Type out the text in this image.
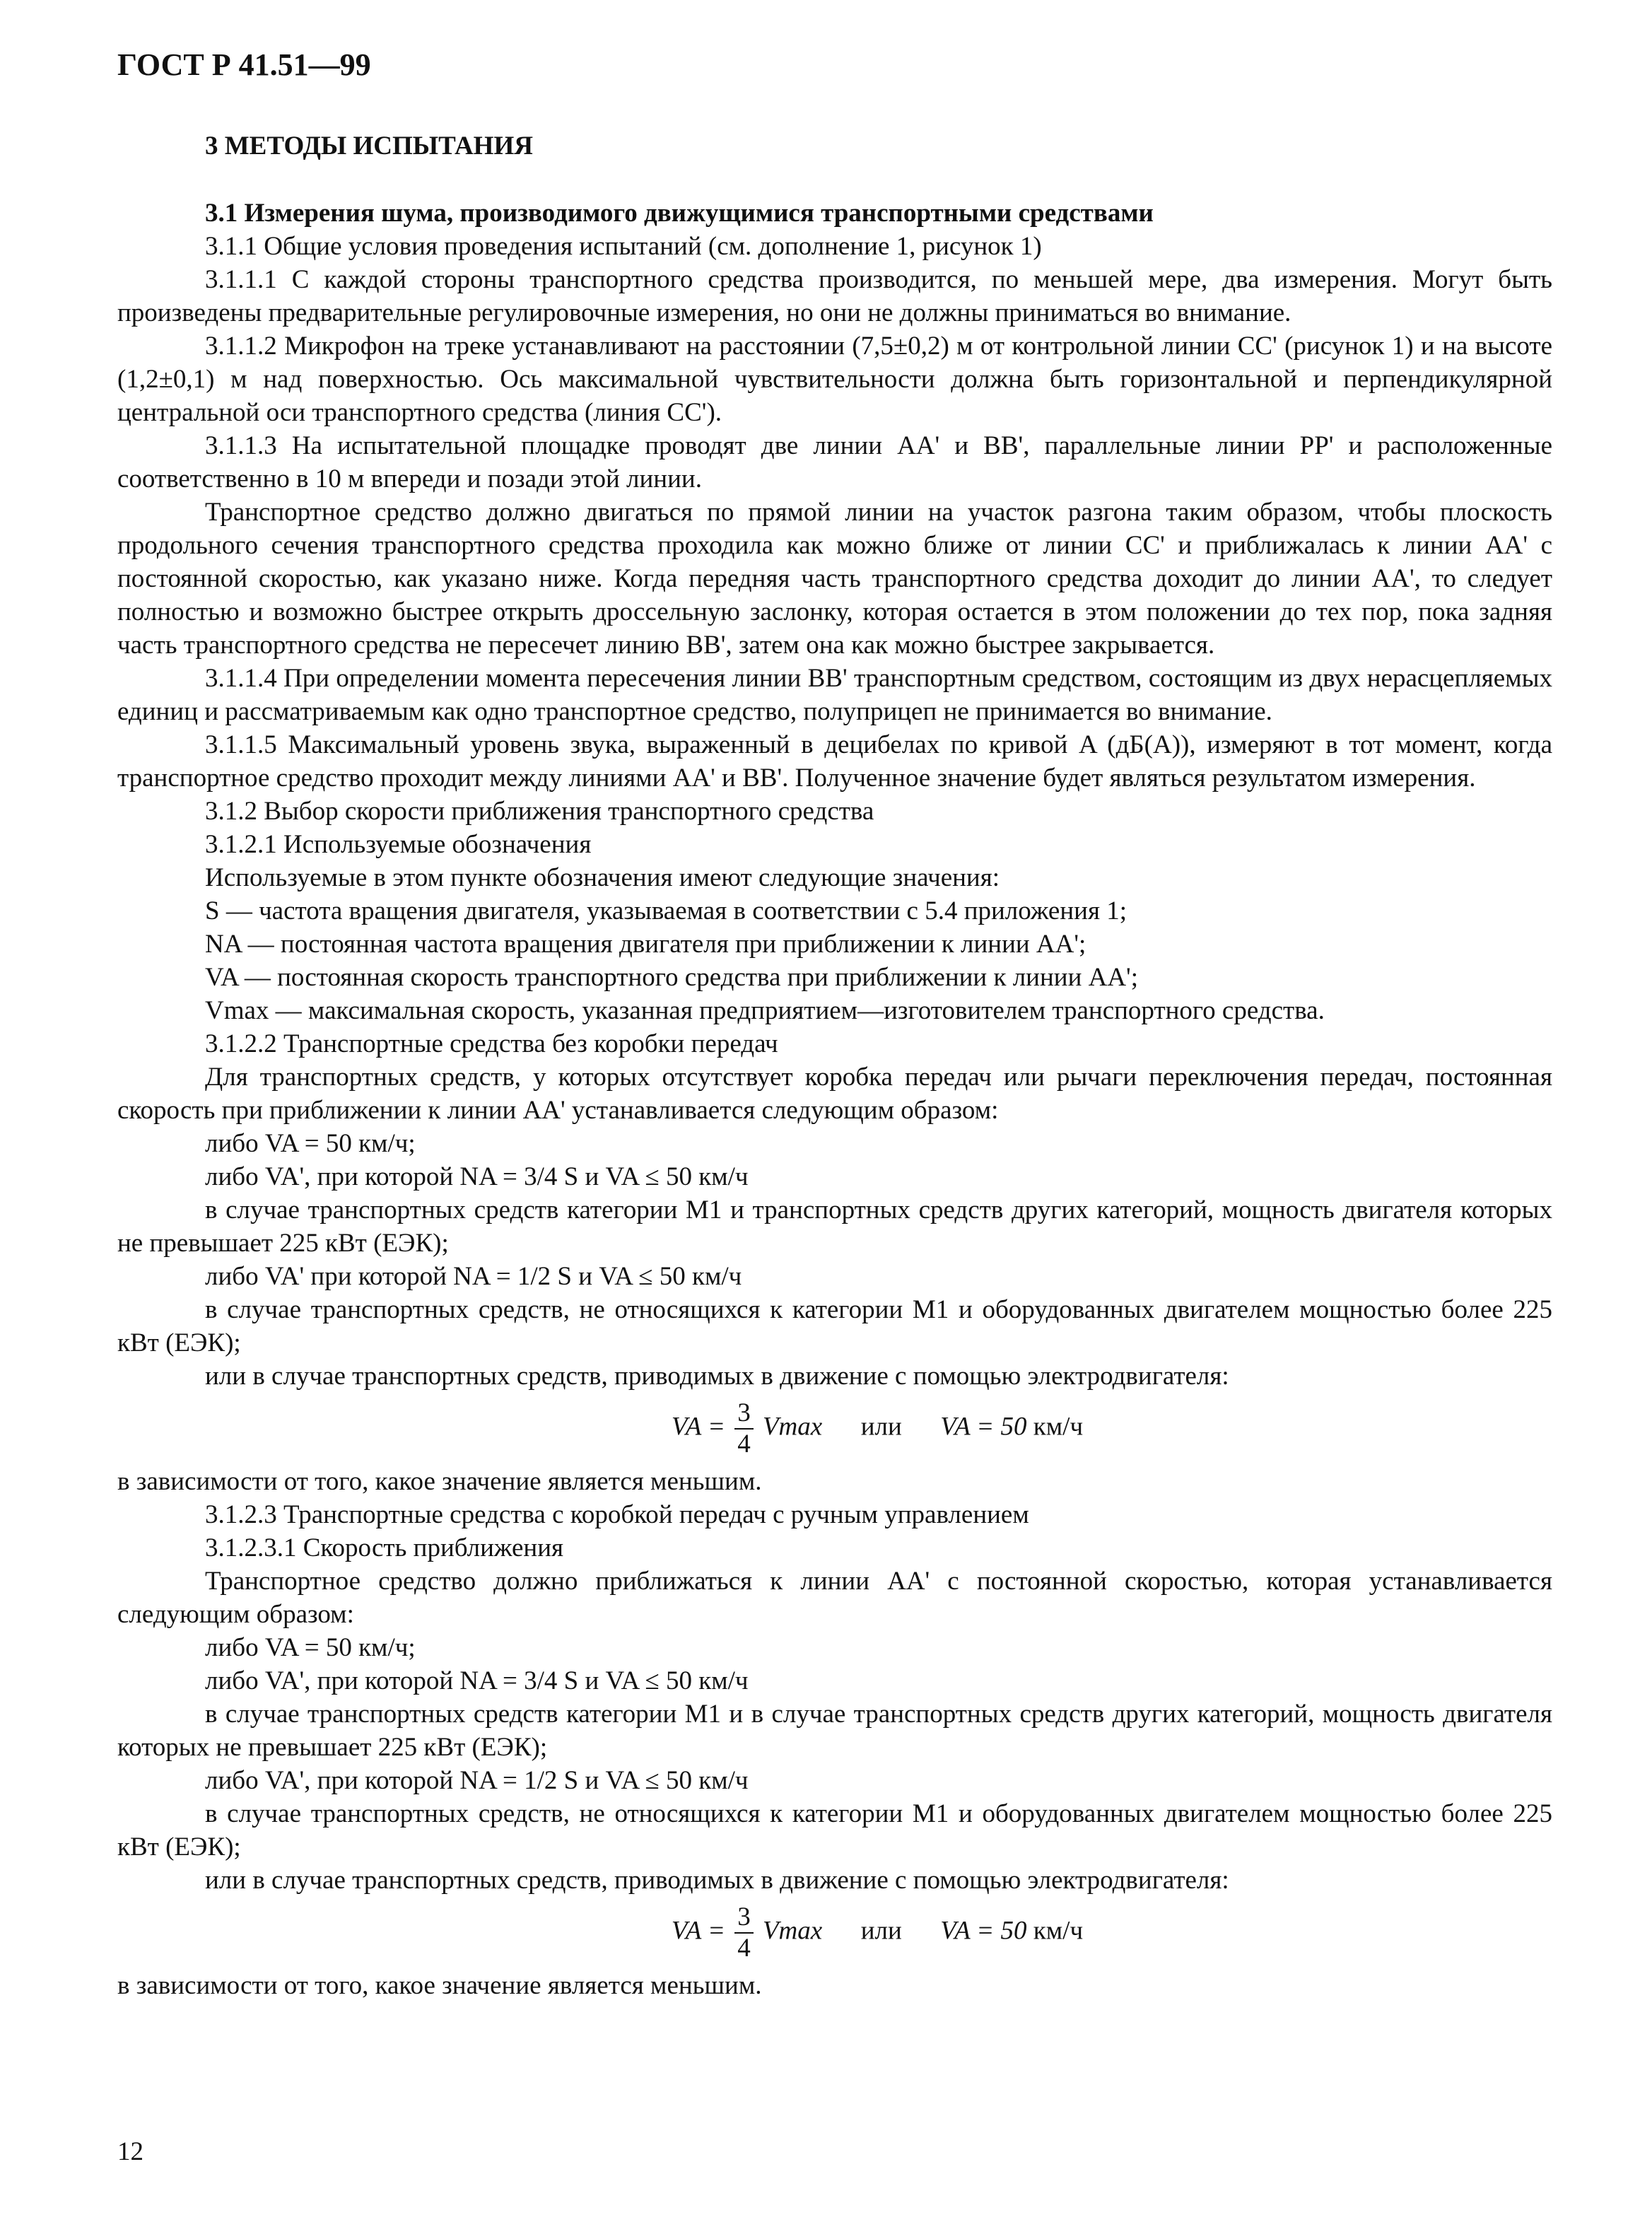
ГОСТ Р 41.51—99
3 МЕТОДЫ ИСПЫТАНИЯ

3.1 Измерения шума, производимого движущимися транспортными средствами

3.1.1 Общие условия проведения испытаний (см. дополнение 1, рисунок 1)

3.1.1.1 С каждой стороны транспортного средства производится, по меньшей мере, два измерения. Могут быть произведены предварительные регулировочные измерения, но они не должны приниматься во внимание.

3.1.1.2 Микрофон на треке устанавливают на расстоянии (7,5±0,2) м от контрольной линии CC' (рисунок 1) и на высоте (1,2±0,1) м над поверхностью. Ось максимальной чувствительности должна быть горизонтальной и перпендикулярной центральной оси транспортного средства (линия CC').

3.1.1.3 На испытательной площадке проводят две линии AA' и BB', параллельные линии PP' и расположенные соответственно в 10 м впереди и позади этой линии.

Транспортное средство должно двигаться по прямой линии на участок разгона таким образом, чтобы плоскость продольного сечения транспортного средства проходила как можно ближе от линии CC' и приближалась к линии AA' с постоянной скоростью, как указано ниже. Когда передняя часть транспортного средства доходит до линии AA', то следует полностью и возможно быстрее открыть дроссельную заслонку, которая остается в этом положении до тех пор, пока задняя часть транспортного средства не пересечет линию BB', затем она как можно быстрее закрывается.

3.1.1.4 При определении момента пересечения линии BB' транспортным средством, состоящим из двух нерасцепляемых единиц и рассматриваемым как одно транспортное средство, полуприцеп не принимается во внимание.

3.1.1.5 Максимальный уровень звука, выраженный в децибелах по кривой A (дБ(A)), измеряют в тот момент, когда транспортное средство проходит между линиями AA' и BB'. Полученное значение будет являться результатом измерения.

3.1.2 Выбор скорости приближения транспортного средства

3.1.2.1 Используемые обозначения

Используемые в этом пункте обозначения имеют следующие значения:

S — частота вращения двигателя, указываемая в соответствии с 5.4 приложения 1;

NA — постоянная частота вращения двигателя при приближении к линии AA';

VA — постоянная скорость транспортного средства при приближении к линии AA';

Vmax — максимальная скорость, указанная предприятием—изготовителем транспортного средства.

3.1.2.2 Транспортные средства без коробки передач

Для транспортных средств, у которых отсутствует коробка передач или рычаги переключения передач, постоянная скорость при приближении к линии AA' устанавливается следующим образом:

либо VA = 50 км/ч;

либо VA', при которой NA = 3/4 S и VA ≤ 50 км/ч

в случае транспортных средств категории M1 и транспортных средств других категорий, мощность двигателя которых не превышает 225 кВт (ЕЭК);

либо VA' при которой NA = 1/2 S и VA ≤ 50 км/ч

в случае транспортных средств, не относящихся к категории M1 и оборудованных двигателем мощностью более 225 кВт (ЕЭК);

или в случае транспортных средств, приводимых в движение с помощью электродвигателя:

VA = $\frac{3}{4}$ Vmax или VA = 50 км/ч

в зависимости от того, какое значение является меньшим.

3.1.2.3 Транспортные средства с коробкой передач с ручным управлением

3.1.2.3.1 Скорость приближения

Транспортное средство должно приближаться к линии AA' с постоянной скоростью, которая устанавливается следующим образом:

либо VA = 50 км/ч;

либо VA', при которой NA = 3/4 S и VA ≤ 50 км/ч

в случае транспортных средств категории M1 и в случае транспортных средств других категорий, мощность двигателя которых не превышает 225 кВт (ЕЭК);

либо VA', при которой NA = 1/2 S и VA ≤ 50 км/ч

в случае транспортных средств, не относящихся к категории M1 и оборудованных двигателем мощностью более 225 кВт (ЕЭК);

или в случае транспортных средств, приводимых в движение с помощью электродвигателя:

VA = $\frac{3}{4}$ Vmax или VA = 50 км/ч

в зависимости от того, какое значение является меньшим.

12
